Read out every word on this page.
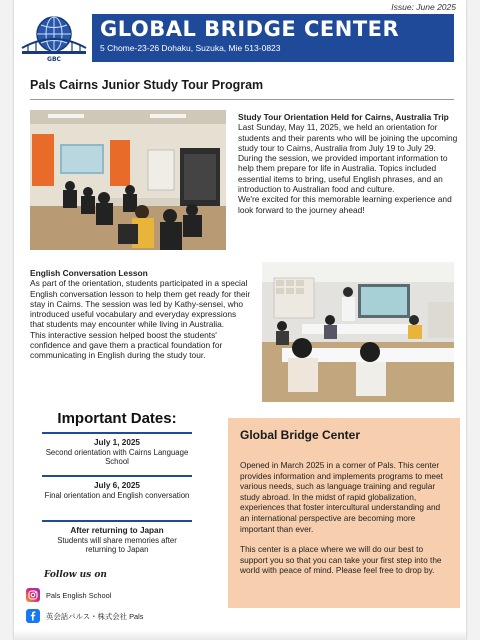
Issue: June 2025
GBC
GLOBAL BRIDGE CENTER
5 Chome-23-26 Dohaku, Suzuka, Mie 513-0823
Pals Cairns Junior Study Tour Program

Study Tour Orientation Held for Cairns, Australia Trip

Last Sunday, May 11, 2025, we held an orientation for students and their parents who will be joining the upcoming study tour to Cairns, Australia from July 19 to July 29.

During the session, we provided important information to help them prepare for life in Australia. Topics included essential items to bring, useful English phrases, and an introduction to Australian food and culture.

We're excited for this memorable learning experience and look forward to the journey ahead!

English Conversation Lesson

As part of the orientation, students participated in a special English conversation lesson to help them get ready for their stay in Cairns. The session was led by Kathy-sensei, who introduced useful vocabulary and everyday expressions that students may encounter while living in Australia.

This interactive session helped boost the students' confidence and gave them a practical foundation for communicating in English during the study tour.

Important Dates:
July 1, 2025
Second orientation with Cairns Language School
July 6, 2025
Final orientation and English conversation
After returning to Japan
Students will share memories after returning to Japan
Follow us on
Pals English School
英会話パルス・株式会社 Pals
Global Bridge Center

Opened in March 2025 in a corner of Pals. This center provides information and implements programs to meet various needs, such as language training and regular study abroad. In the midst of rapid globalization, experiences that foster intercultural understanding and an international perspective are becoming more important than ever.

This center is a place where we will do our best to support you so that you can take your first step into the world with peace of mind. Please feel free to drop by.
